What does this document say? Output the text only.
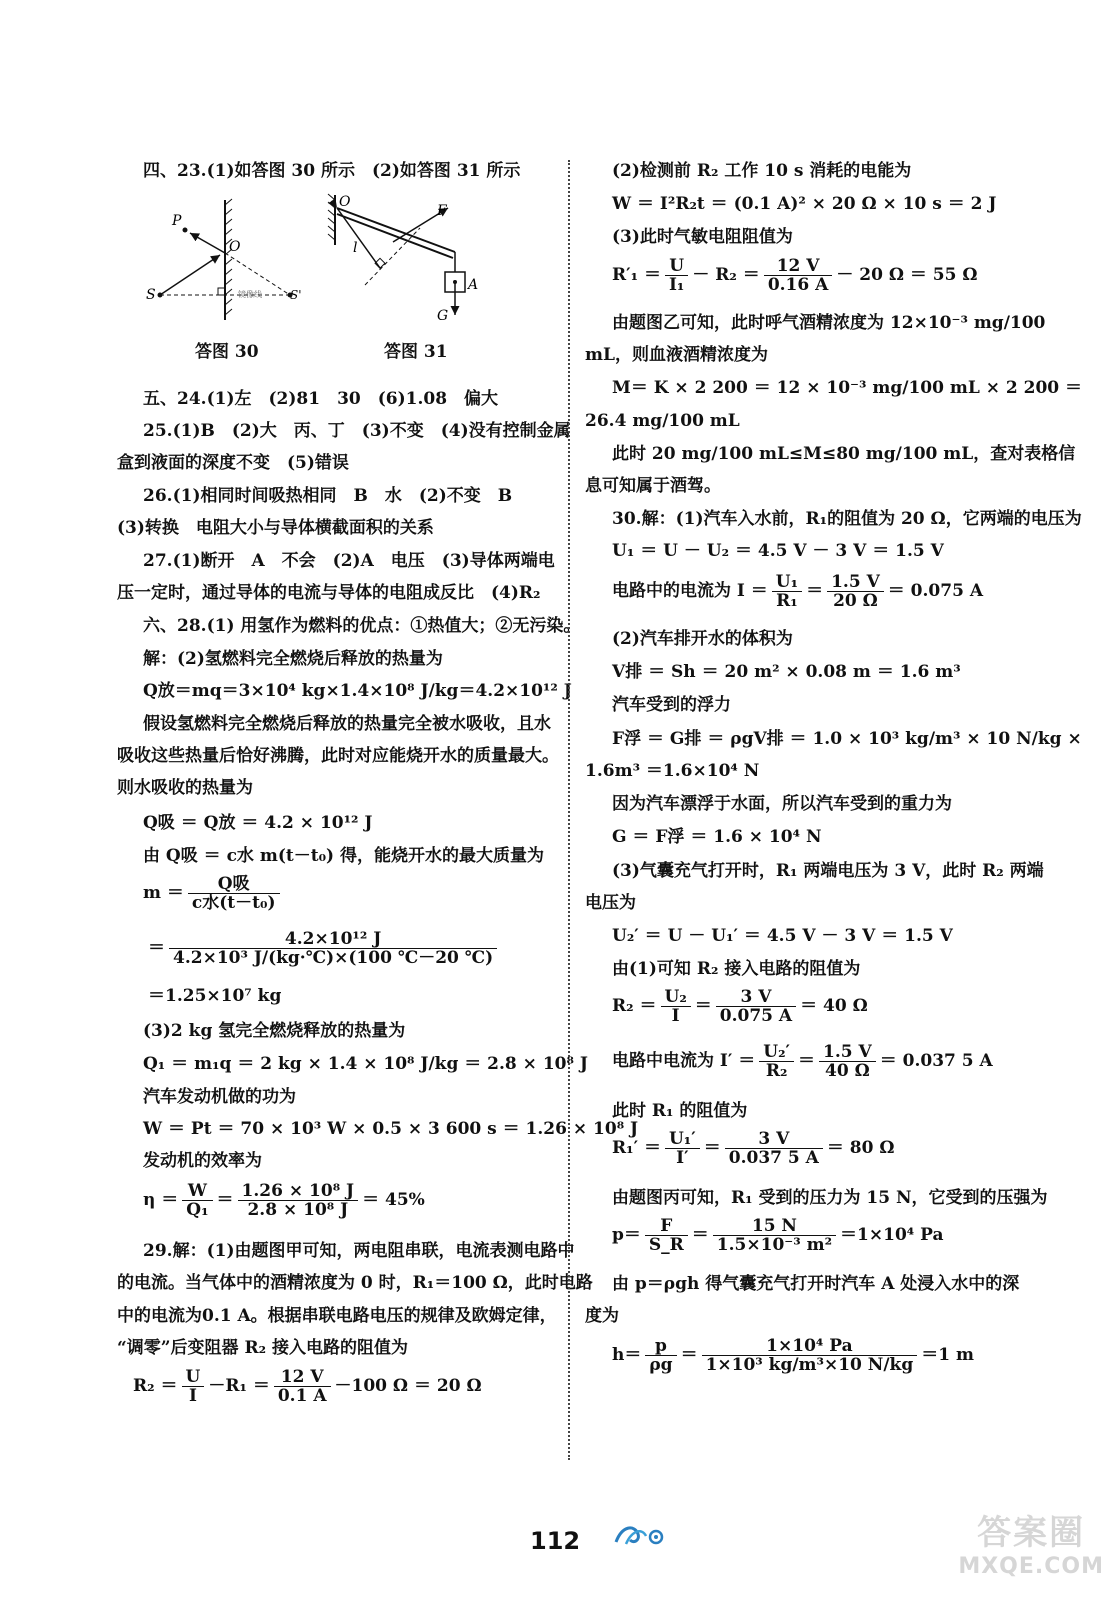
四、23.(1)如答图 30 所示　(2)如答图 31 所示
S
P
O
S'
镜像线
答图 30
O
F
l
A
G
答图 31
五、24.(1)左　(2)81　30　(6)1.08　偏大
25.(1)B　(2)大　丙、丁　(3)不变　(4)没有控制金属
盒到液面的深度不变　(5)错误
26.(1)相同时间吸热相同　B　水　(2)不变　B
(3)转换　电阻大小与导体横截面积的关系
27.(1)断开　A　不会　(2)A　电压　(3)导体两端电
压一定时，通过导体的电流与导体的电阻成反比　(4)R₂
六、28.(1) 用氢作为燃料的优点：①热值大；②无污染。
解：(2)氢燃料完全燃烧后释放的热量为
Q放＝mq＝3×10⁴ kg×1.4×10⁸ J/kg＝4.2×10¹² J
假设氢燃料完全燃烧后释放的热量完全被水吸收，且水
吸收这些热量后恰好沸腾，此时对应能烧开水的质量最大。
则水吸收的热量为
Q吸 ＝ Q放 ＝ 4.2 × 10¹² J
由 Q吸 ＝ c水 m(t－t₀) 得，能烧开水的最大质量为
$m = \frac{\text{Q吸}}{\text{c水(t－t₀)}}$
＝ $\frac{\text{4.2×10¹² J}}{\text{4.2×10³ J/(kg·℃)×(100 ℃－20 ℃)}}$
＝1.25×10⁷ kg
(3)2 kg 氢完全燃烧释放的热量为
Q₁ ＝ m₁q ＝ 2 kg × 1.4 × 10⁸ J/kg ＝ 2.8 × 10⁸ J
汽车发动机做的功为
W ＝ Pt ＝ 70 × 10³ W × 0.5 × 3 600 s ＝ 1.26 × 10⁸ J
发动机的效率为
$\eta = \frac{W}{\text{Q₁}} = \frac{\text{1.26 × 10⁸ J}}{\text{2.8 × 10⁸ J}} = 45\%$
29.解：(1)由题图甲可知，两电阻串联，电流表测电路中
的电流。当气体中的酒精浓度为 0 时，R₁＝100 Ω，此时电路
中的电流为0.1 A。根据串联电路电压的规律及欧姆定律，
“调零”后变阻器 R₂ 接入电路的阻值为
$R_2 = \frac{U}{I} -R_1 = \frac{12 V}{0.1 A} -100$ Ω ＝ 20 Ω
(2)检测前 R₂ 工作 10 s 消耗的电能为
W ＝ I²R₂t ＝ (0.1 A)² × 20 Ω × 10 s ＝ 2 J
(3)此时气敏电阻阻值为
$R'_1 = \frac{U}{\text{I₁}} - R_2 = \frac{12 V}{0.16 A} - 20$ Ω ＝ 55 Ω
由题图乙可知，此时呼气酒精浓度为 12×10⁻³ mg/100
mL，则血液酒精浓度为
M＝ K × 2 200 ＝ 12 × 10⁻³ mg/100 mL × 2 200 ＝
26.4 mg/100 mL
此时 20 mg/100 mL≤M≤80 mg/100 mL，查对表格信
息可知属于酒驾。
30.解：(1)汽车入水前，R₁的阻值为 20 Ω，它两端的电压为
U₁ ＝ U － U₂ ＝ 4.5 V － 3 V ＝ 1.5 V
电路中的电流为 $I = \frac{\text{U₁}}{\text{R₁}} = \frac{1.5 V}{20 \Omega} = 0.075$ A
(2)汽车排开水的体积为
V排 ＝ Sh ＝ 20 m² × 0.08 m ＝ 1.6 m³
汽车受到的浮力
F浮 ＝ G排 ＝ ρgV排 ＝ 1.0 × 10³ kg/m³ × 10 N/kg ×
1.6m³ ＝1.6×10⁴ N
因为汽车漂浮于水面，所以汽车受到的重力为
G ＝ F浮 ＝ 1.6 × 10⁴ N
(3)气囊充气打开时，R₁ 两端电压为 3 V，此时 R₂ 两端
电压为
U₂′ ＝ U － U₁′ ＝ 4.5 V － 3 V ＝ 1.5 V
由(1)可知 R₂ 接入电路的阻值为
$R_2 = \frac{\text{U₂}}{I} = \frac{3 V}{0.075 A} = 40$ Ω
电路中电流为 $I' = \frac{\text{U₂′}}{\text{R₂}} = \frac{1.5 V}{40 \Omega} = 0.037$ 5 A
此时 R₁ 的阻值为
$R_1' = \frac{\text{U₁′}}{I'} = \frac{3 V}{0.037 5 A} = 80$ Ω
由题图丙可知，R₁ 受到的压力为 15 N，它受到的压强为
$p= \frac{F}{S\_R} = \frac{15 N}{\text{1.5×10⁻³ m²}} =1\times 10^4$ Pa
由 p＝ρgh 得气囊充气打开时汽车 A 处浸入水中的深
度为
$h= \frac{p}{\rho g} = \frac{\text{1×10⁴ Pa}}{\text{1×10³ kg/m³×10 N/kg}} =1$ m
112	答案圈
MXQE.COM
